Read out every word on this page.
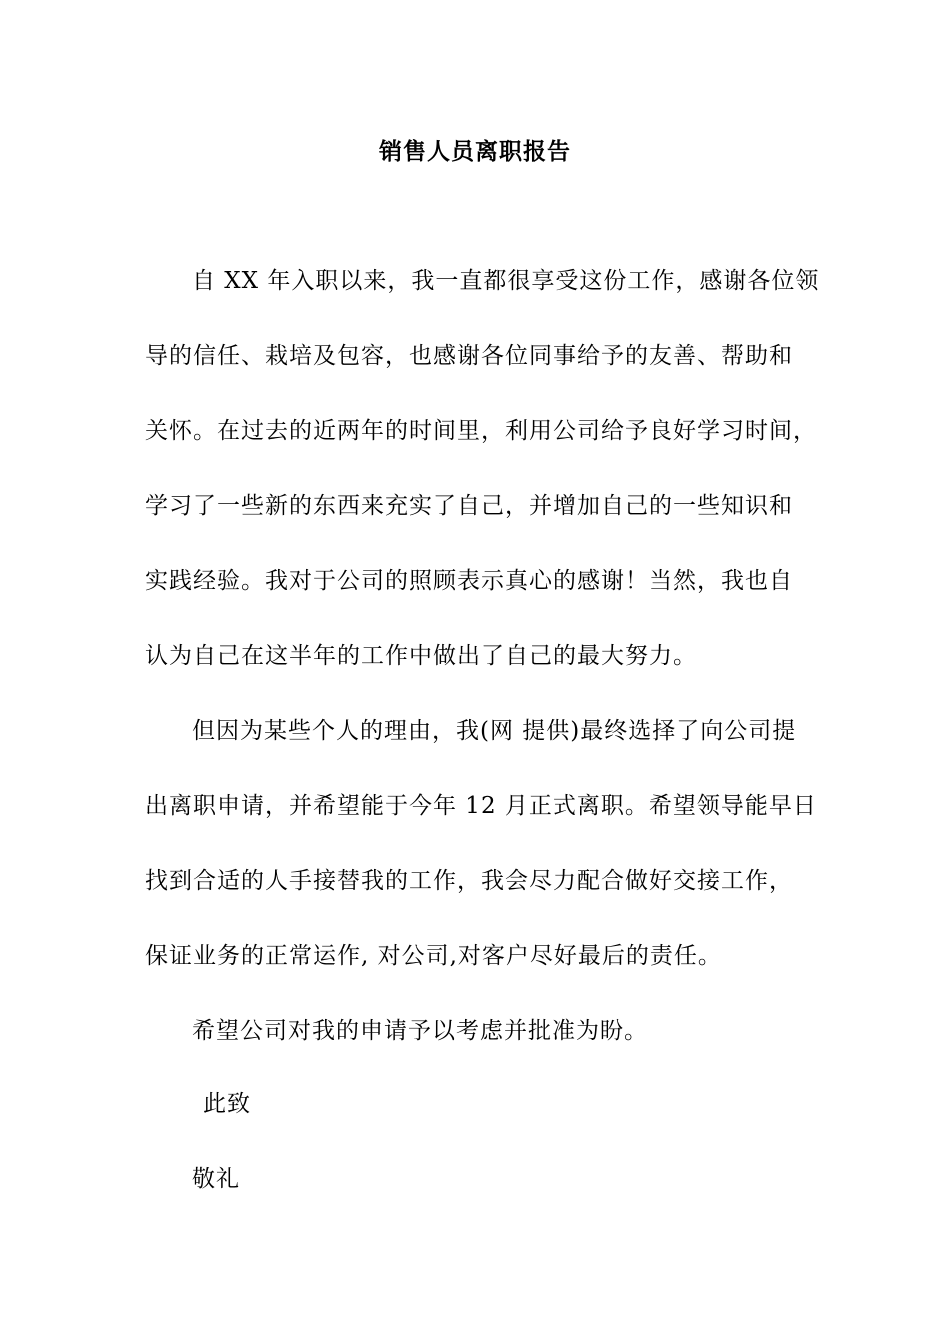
销售人员离职报告
自 XX 年入职以来，我一直都很享受这份工作，感谢各位领
导的信任、栽培及包容，也感谢各位同事给予的友善、帮助和
关怀。在过去的近两年的时间里，利用公司给予良好学习时间，
学习了一些新的东西来充实了自己，并增加自己的一些知识和
实践经验。我对于公司的照顾表示真心的感谢！当然，我也自
认为自己在这半年的工作中做出了自己的最大努力。
但因为某些个人的理由，我(网 提供)最终选择了向公司提
出离职申请，并希望能于今年 12 月正式离职。希望领导能早日
找到合适的人手接替我的工作，我会尽力配合做好交接工作，
保证业务的正常运作, 对公司,对客户尽好最后的责任。
希望公司对我的申请予以考虑并批准为盼。
此致
敬礼
